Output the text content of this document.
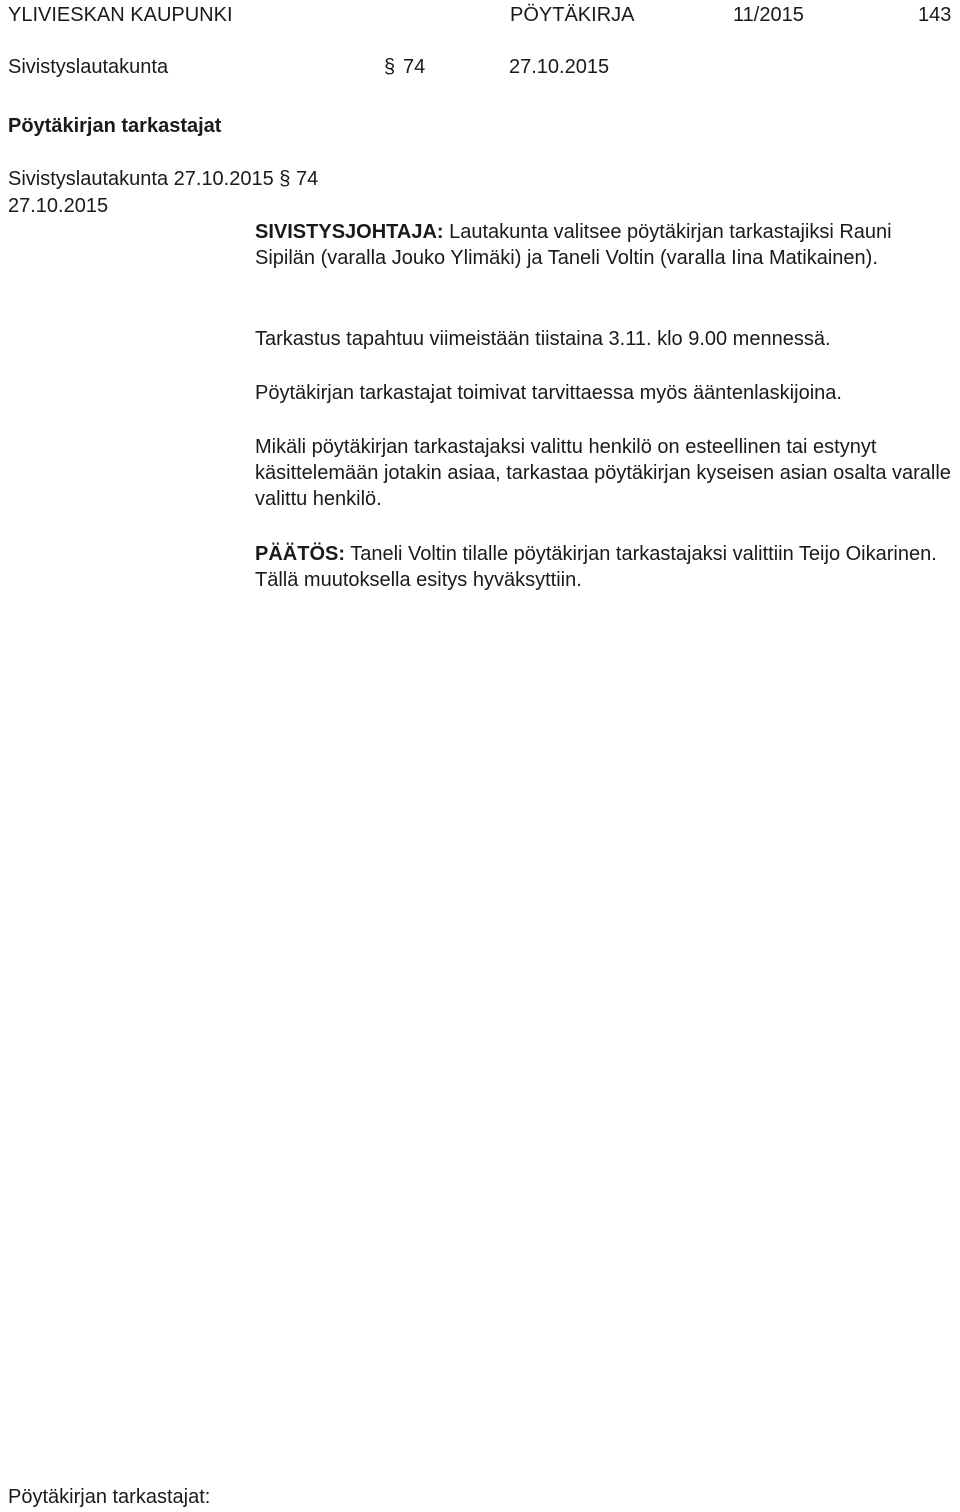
YLIVIESKAN KAUPUNKI	PÖYTÄKIRJA	11/2015	143
Sivistyslautakunta	§ 74	27.10.2015
Pöytäkirjan tarkastajat
Sivistyslautakunta 27.10.2015 § 74
27.10.2015

SIVISTYSJOHTAJA: Lautakunta valitsee pöytäkirjan tarkastajiksi Rauni Sipilän (varalla Jouko Ylimäki) ja Taneli Voltin (varalla Iina Matikainen).

Tarkastus tapahtuu viimeistään tiistaina 3.11. klo 9.00 mennessä.

Pöytäkirjan tarkastajat toimivat tarvittaessa myös ääntenlaskijoina.

Mikäli pöytäkirjan tarkastajaksi valittu henkilö on esteellinen tai estynyt käsittelemään jotakin asiaa, tarkastaa pöytäkirjan kyseisen asian osalta varalle valittu henkilö.

PÄÄTÖS: Taneli Voltin tilalle pöytäkirjan tarkastajaksi valittiin Teijo Oikarinen. Tällä muutoksella esitys hyväksyttiin.

Pöytäkirjan tarkastajat:
